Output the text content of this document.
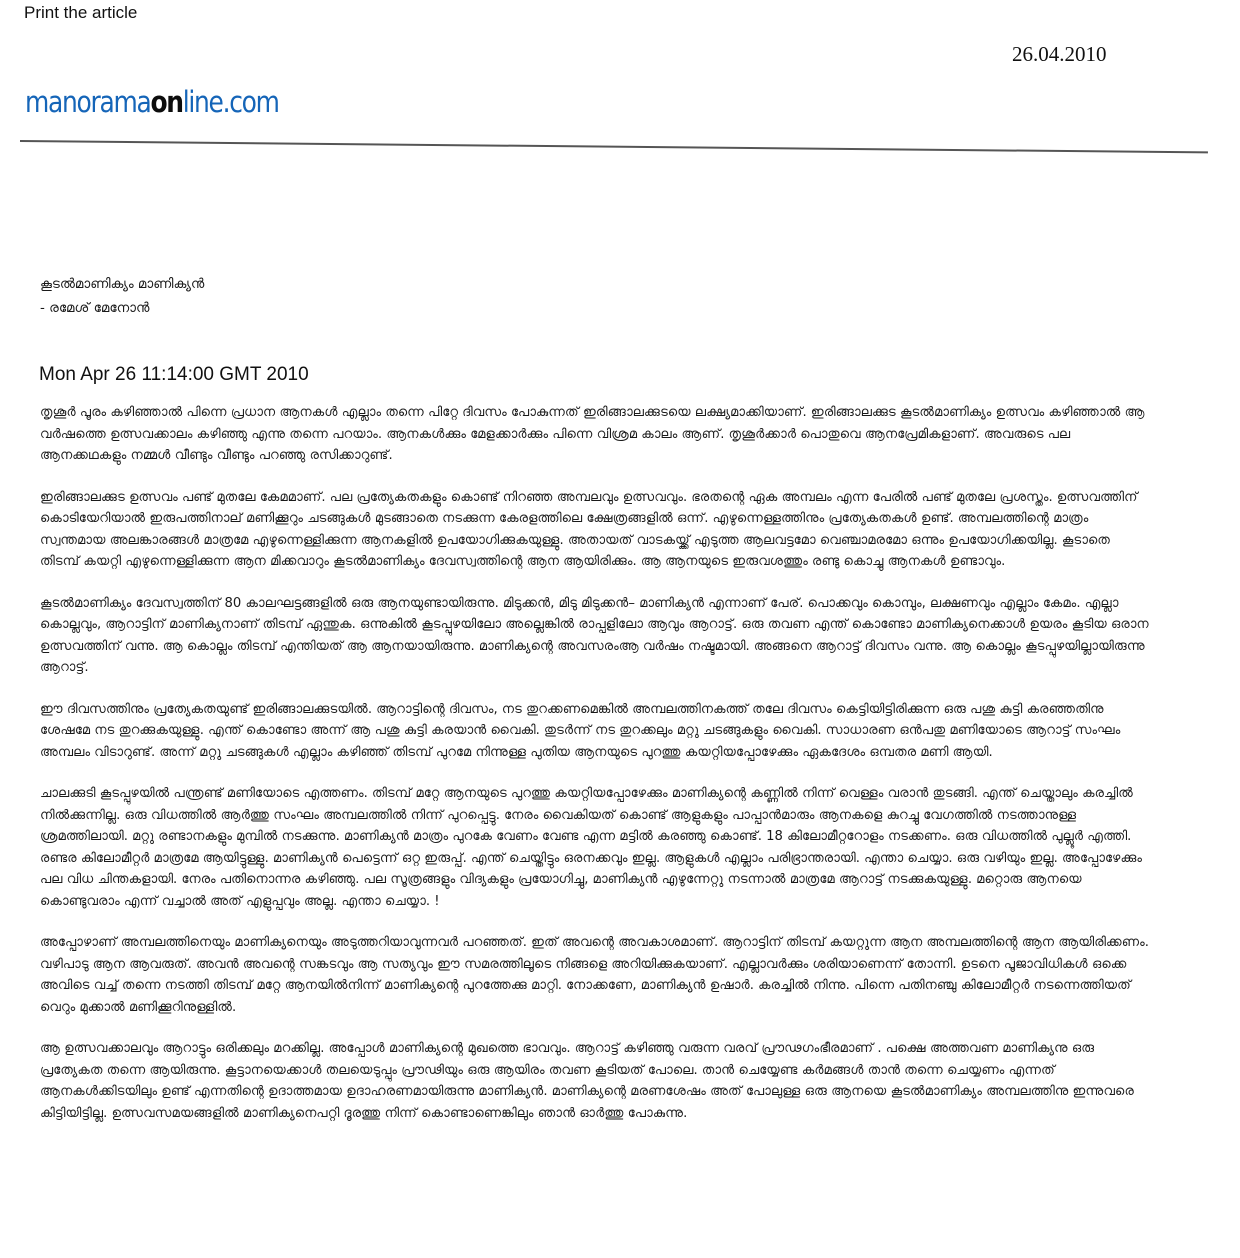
Print the article
26.04.2010
manoramaonline.com
കൂടൽമാണിക്യം മാണിക്യൻ
- രമേശ് മേനോൻ
Mon Apr 26 11:14:00 GMT 2010

തൃശൂർ പൂരം കഴിഞ്ഞാൽ പിന്നെ പ്രധാന ആനകൾ എല്ലാം തന്നെ പിറ്റേ ദിവസം പോകുന്നത് ഇരിങ്ങാലക്കുടയെ ലക്ഷ്യമാക്കിയാണ്. ഇരിങ്ങാലക്കുട കൂടൽമാണിക്യം ഉത്സവം കഴിഞ്ഞാൽ ആ വർഷത്തെ ഉത്സവക്കാലം കഴിഞ്ഞു എന്നു തന്നെ പറയാം. ആനകൾക്കും മേളക്കാർക്കും പിന്നെ വിശ്രമ കാലം ആണ്. തൃശൂർക്കാർ പൊതുവെ ആനപ്രേമികളാണ്. അവരുടെ പല ആനക്കഥകളും നമ്മൾ വീണ്ടും വീണ്ടും പറഞ്ഞു രസിക്കാറുണ്ട്.

ഇരിങ്ങാലക്കുട ഉത്സവം പണ്ട് മുതലേ കേമമാണ്. പല പ്രത്യേകതകളും കൊണ്ട് നിറഞ്ഞ അമ്പലവും ഉത്സവവും. ഭരതന്റെ ഏക അമ്പലം എന്ന പേരിൽ പണ്ട് മുതലേ പ്രശസ്തം. ഉത്സവത്തിന് കൊടിയേറിയാൽ ഇരുപത്തിനാല് മണിക്കൂറും ചടങ്ങുകൾ മുടങ്ങാതെ നടക്കുന്ന കേരളത്തിലെ ക്ഷേത്രങ്ങളിൽ ഒന്ന്. എഴുന്നെള്ളത്തിനും പ്രത്യേകതകൾ ഉണ്ട്. അമ്പലത്തിന്റെ മാത്രം സ്വന്തമായ അലങ്കാരങ്ങൾ മാത്രമേ എഴുന്നെള്ളിക്കുന്ന ആനകളിൽ ഉപയോഗിക്കുകയുള്ളു. അതായത് വാടകയ്ക്ക് എടുത്ത ആലവട്ടമോ വെഞ്ചാമരമോ ഒന്നും ഉപയോഗിക്കയില്ല. കൂടാതെ തിടമ്പ് കയറ്റി എഴുന്നെള്ളിക്കുന്ന ആന മിക്കവാറും കൂടൽമാണിക്യം ദേവസ്വത്തിന്റെ ആന ആയിരിക്കും. ആ ആനയുടെ ഇരുവശത്തും രണ്ടു കൊച്ചു ആനകൾ ഉണ്ടാവും.

കൂടൽമാണിക്യം ദേവസ്വത്തിന് 80 കാലഘട്ടങ്ങളിൽ ഒരു ആനയുണ്ടായിരുന്നു. മിടുക്കൻ, മിടു മിടുക്കൻ– മാണിക്യൻ എന്നാണ് പേര്. പൊക്കവും കൊമ്പും, ലക്ഷണവും എല്ലാം കേമം. എല്ലാ കൊല്ലവും, ആറാട്ടിന് മാണിക്യനാണ് തിടമ്പ് ഏന്തുക. ഒന്നുകിൽ കൂടപ്പുഴയിലോ അല്ലെങ്കിൽ രാപ്പളിലോ ആവും ആറാട്ട്. ഒരു തവണ എന്ത് കൊണ്ടോ മാണിക്യനെക്കാൾ ഉയരം കൂടിയ ഒരാന ഉത്സവത്തിന് വന്നു. ആ കൊല്ലം തിടമ്പ് എന്തിയത് ആ ആനയായിരുന്നു. മാണിക്യന്റെ അവസരംആ വർഷം നഷ്ടമായി. അങ്ങനെ ആറാട്ട് ദിവസം വന്നു. ആ കൊല്ലം കൂടപ്പുഴയില്ലായിരുന്നു ആറാട്ട്.

ഈ ദിവസത്തിനും പ്രത്യേകതയുണ്ട് ഇരിങ്ങാലക്കുടയിൽ. ആറാട്ടിന്റെ ദിവസം, നട തുറക്കണമെങ്കിൽ അമ്പലത്തിനകത്ത് തലേ ദിവസം കെട്ടിയിട്ടിരിക്കുന്ന ഒരു പശു കുട്ടി കരഞ്ഞതിനു ശേഷമേ നട തുറക്കുകയുള്ളു. എന്ത് കൊണ്ടോ അന്ന് ആ പശു കുട്ടി കരയാൻ വൈകി. തുടർന്ന് നട തുറക്കലും മറ്റു ചടങ്ങുകളും വൈകി. സാധാരണ ഒൻപതു മണിയോടെ ആറാട്ട് സംഘം അമ്പലം വിടാറുണ്ട്. അന്ന് മറ്റു ചടങ്ങുകൾ എല്ലാം കഴിഞ്ഞ് തിടമ്പ് പുറമേ നിന്നുള്ള പുതിയ ആനയുടെ പുറത്തു കയറ്റിയപ്പോഴേക്കും ഏകദേശം ഒമ്പതര മണി ആയി.

ചാലക്കുടി കൂടപ്പുഴയിൽ പന്ത്രണ്ട് മണിയോടെ എത്തണം. തിടമ്പ് മറ്റേ ആനയുടെ പുറത്തു കയറ്റിയപ്പോഴേക്കും മാണിക്യന്റെ കണ്ണിൽ നിന്ന് വെള്ളം വരാൻ തുടങ്ങി. എന്ത് ചെയ്താലും കരച്ചിൽ നിൽക്കുന്നില്ല. ഒരു വിധത്തിൽ ആർത്തു സംഘം അമ്പലത്തിൽ നിന്ന് പുറപ്പെട്ടു. നേരം വൈകിയത് കൊണ്ട് ആളുകളും പാപ്പാൻമാരും ആനകളെ കുറച്ചു വേഗത്തിൽ നടത്താനുള്ള ശ്രമത്തിലായി. മറ്റു രണ്ടാനകളും മുമ്പിൽ നടക്കുന്നു. മാണിക്യൻ മാത്രം പുറകേ വേണം വേണ്ട എന്ന മട്ടിൽ കരഞ്ഞു കൊണ്ട്. 18 കിലോമീറ്ററോളം നടക്കണം. ഒരു വിധത്തിൽ പുല്ലൂർ എത്തി. രണ്ടര കിലോമീറ്റർ മാത്രമേ ആയിട്ടുള്ളു. മാണിക്യൻ പെട്ടെന്ന് ഒറ്റ ഇരുപ്പ്. എന്ത് ചെയ്തിട്ടും ഒരനക്കവും ഇല്ല. ആളുകൾ എല്ലാം പരിഭ്രാന്തരായി. എന്താ ചെയ്യാ. ഒരു വഴിയും ഇല്ല. അപ്പോഴേക്കും പല വിധ ചിന്തകളായി. നേരം പതിനൊന്നര കഴിഞ്ഞു. പല സൂത്രങ്ങളും വിദ്യകളും പ്രയോഗിച്ചു, മാണിക്യൻ എഴുന്നേറ്റു നടന്നാൽ മാത്രമേ ആറാട്ട് നടക്കുകയുള്ളു. മറ്റൊരു ആനയെ കൊണ്ടുവരാം എന്ന് വച്ചാൽ അത് എളുപ്പവും അല്ല. എന്താ ചെയ്യാ. !

അപ്പോഴാണ് അമ്പലത്തിനെയും മാണിക്യനെയും അടുത്തറിയാവുന്നവർ പറഞ്ഞത്. ഇത് അവന്റെ അവകാശമാണ്. ആറാട്ടിന് തിടമ്പ് കയറ്റുന്ന ആന അമ്പലത്തിന്റെ ആന ആയിരിക്കണം. വഴിപാടു ആന ആവരുത്. അവൻ അവന്റെ സങ്കടവും ആ സത്യവും ഈ സമരത്തിലൂടെ നിങ്ങളെ അറിയിക്കുകയാണ്. എല്ലാവർക്കും ശരിയാണെന്ന് തോന്നി. ഉടനെ പൂജാവിധികൾ ഒക്കെ അവിടെ വച്ച് തന്നെ നടത്തി തിടമ്പ് മറ്റേ ആനയിൽനിന്ന് മാണിക്യന്റെ പുറത്തേക്കു മാറ്റി. നോക്കണേ, മാണിക്യൻ ഉഷാർ. കരച്ചിൽ നിന്നു. പിന്നെ പതിനഞ്ചു കിലോമീറ്റർ നടന്നെത്തിയത് വെറും മുക്കാൽ മണിക്കൂറിനുള്ളിൽ.

ആ ഉത്സവക്കാലവും ആറാട്ടും ഒരിക്കലും മറക്കില്ല. അപ്പോൾ മാണിക്യന്റെ മുഖത്തെ ഭാവവും. ആറാട്ട് കഴിഞ്ഞു വരുന്ന വരവ് പ്രൗഢഗംഭീരമാണ് . പക്ഷെ അത്തവണ മാണിക്യനു ഒരു പ്രത്യേകത തന്നെ ആയിരുന്നു. കൂട്ടാനയെക്കാൾ തലയെടുപ്പും പ്രൗഢിയും ഒരു ആയിരം തവണ കൂടിയത് പോലെ. താൻ ചെയ്യേണ്ട കർമങ്ങൾ താൻ തന്നെ ചെയ്യണം എന്നത് ആനകൾക്കിടയിലും ഉണ്ട് എന്നതിന്റെ ഉദാത്തമായ ഉദാഹരണമായിരുന്നു മാണിക്യൻ. മാണിക്യന്റെ മരണശേഷം അത് പോലുള്ള ഒരു ആനയെ കൂടൽമാണിക്യം അമ്പലത്തിനു ഇന്നുവരെ കിട്ടിയിട്ടില്ല. ഉത്സവസമയങ്ങളിൽ മാണിക്യനെപറ്റി ദൂരത്തു നിന്ന് കൊണ്ടാണെങ്കിലും ഞാൻ ഓർത്തു പോകുന്നു.
